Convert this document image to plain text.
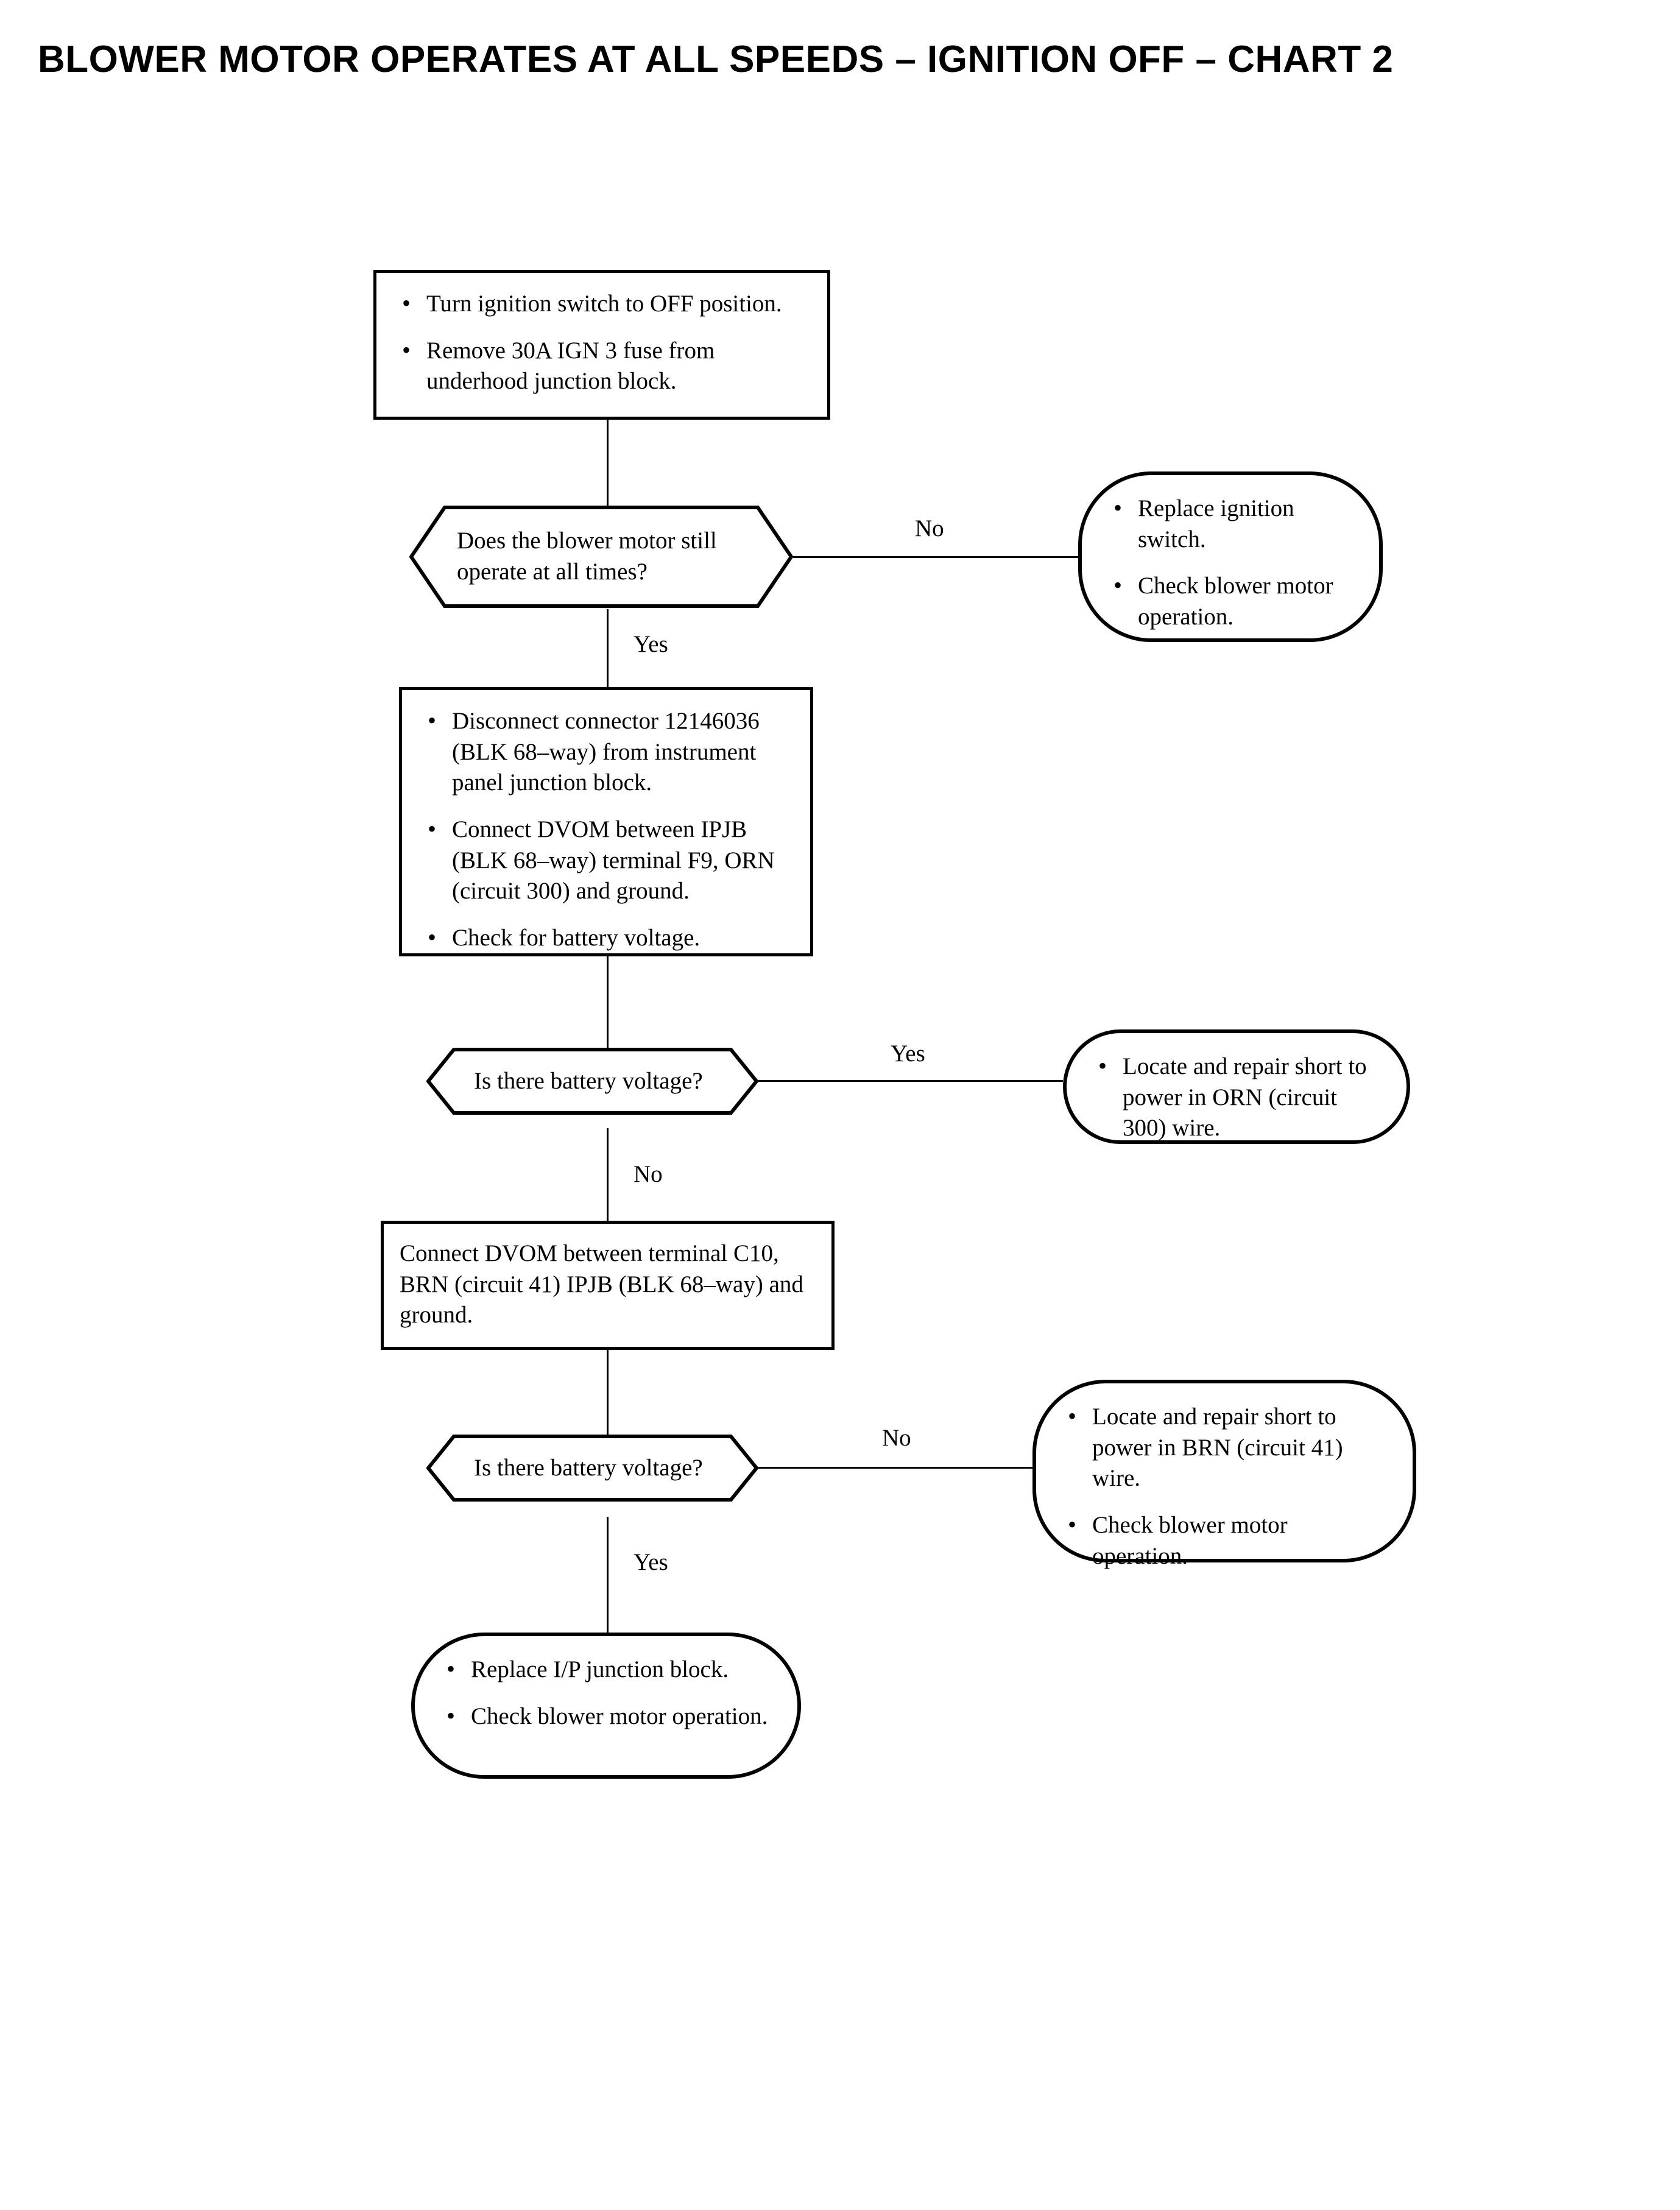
BLOWER MOTOR OPERATES AT ALL SPEEDS – IGNITION OFF – CHART 2
No
Yes
Yes
No
No
Yes
• Turn ignition switch to OFF position.
• Remove 30A IGN 3 fuse from underhood junction block.
Does the blower motor still operate at all times?
• Replace ignition switch.
• Check blower motor operation.
• Disconnect connector 12146036 (BLK 68–way) from instrument panel junction block.
• Connect DVOM between IPJB (BLK 68–way) terminal F9, ORN (circuit 300) and ground.
• Check for battery voltage.
Is there battery voltage?
• Locate and repair short to power in ORN (circuit 300) wire.

Connect DVOM between terminal C10, BRN (circuit 41) IPJB (BLK 68–way) and ground.

Is there battery voltage?
• Locate and repair short to power in BRN (circuit 41) wire.
• Check blower motor operation.
• Replace I/P junction block.
• Check blower motor operation.
